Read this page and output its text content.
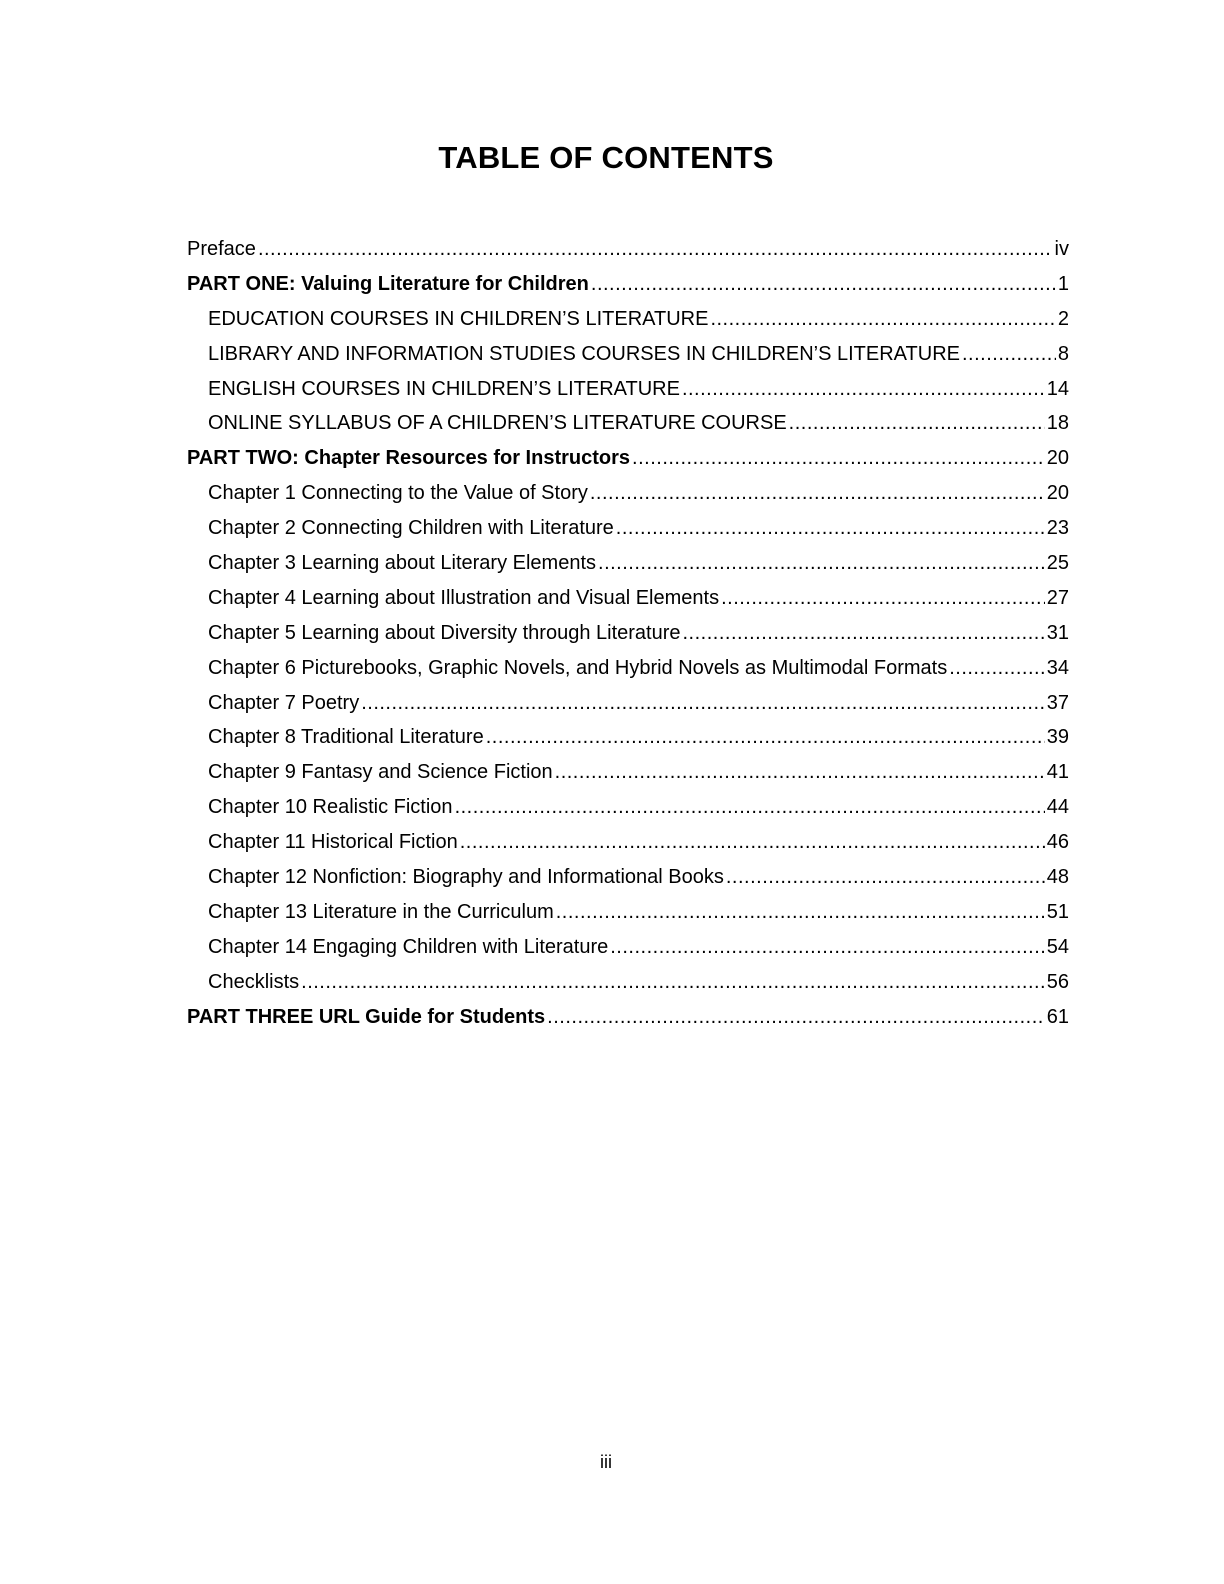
TABLE OF CONTENTS
Preface .....	iv
PART ONE: Valuing Literature for Children .....	1
EDUCATION COURSES IN CHILDREN’S LITERATURE .....	2
LIBRARY AND INFORMATION STUDIES COURSES IN CHILDREN’S LITERATURE .....	8
ENGLISH COURSES IN CHILDREN’S LITERATURE .....	14
ONLINE SYLLABUS OF A CHILDREN’S LITERATURE COURSE .....	18
PART TWO: Chapter Resources for Instructors .....	20
Chapter 1 Connecting to the Value of Story .....	20
Chapter 2 Connecting Children with Literature .....	23
Chapter 3 Learning about Literary Elements .....	25
Chapter 4 Learning about Illustration and Visual Elements .....	27
Chapter 5 Learning about Diversity through Literature .....	31
Chapter 6 Picturebooks, Graphic Novels, and Hybrid Novels as Multimodal Formats .....	34
Chapter 7 Poetry .....	37
Chapter 8 Traditional Literature .....	39
Chapter 9 Fantasy and Science Fiction .....	41
Chapter 10 Realistic Fiction .....	44
Chapter 11 Historical Fiction .....	46
Chapter 12 Nonfiction: Biography and Informational Books .....	48
Chapter 13 Literature in the Curriculum .....	51
Chapter 14 Engaging Children with Literature .....	54
Checklists .....	56
PART THREE URL Guide for Students .....	61
iii
